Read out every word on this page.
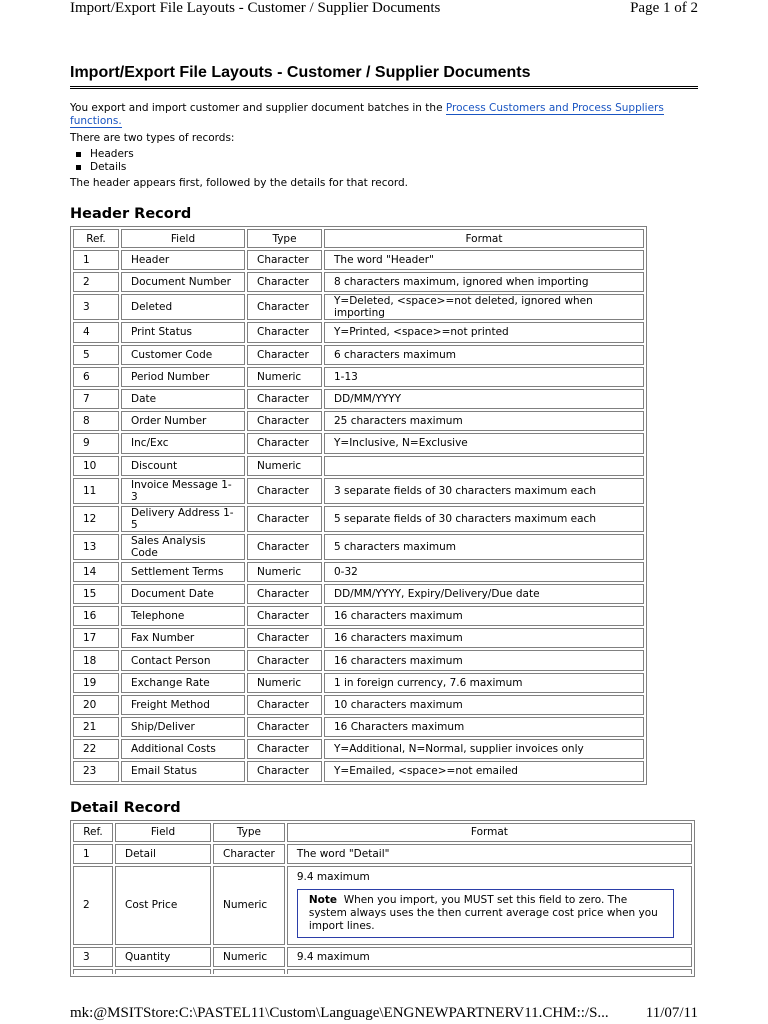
Import/Export File Layouts - Customer / Supplier Documents	Page 1 of 2
Import/Export File Layouts - Customer / Supplier Documents

You export and import customer and supplier document batches in the Process Customers and Process Suppliers functions.

There are two types of records:

Headers
Details

The header appears first, followed by the details for that record.

Header Record
Ref.	Field	Type	Format
1	Header	Character	The word "Header"
2	Document Number	Character	8 characters maximum, ignored when importing
3	Deleted	Character	Y=Deleted, <space>=not deleted, ignored when importing
4	Print Status	Character	Y=Printed, <space>=not printed
5	Customer Code	Character	6 characters maximum
6	Period Number	Numeric	1-13
7	Date	Character	DD/MM/YYYY
8	Order Number	Character	25 characters maximum
9	Inc/Exc	Character	Y=Inclusive, N=Exclusive
10	Discount	Numeric	
11	Invoice Message 1-3	Character	3 separate fields of 30 characters maximum each
12	Delivery Address 1-5	Character	5 separate fields of 30 characters maximum each
13	Sales Analysis Code	Character	5 characters maximum
14	Settlement Terms	Numeric	0-32
15	Document Date	Character	DD/MM/YYYY, Expiry/Delivery/Due date
16	Telephone	Character	16 characters maximum
17	Fax Number	Character	16 characters maximum
18	Contact Person	Character	16 characters maximum
19	Exchange Rate	Numeric	1 in foreign currency, 7.6 maximum
20	Freight Method	Character	10 characters maximum
21	Ship/Deliver	Character	16 Characters maximum
22	Additional Costs	Character	Y=Additional, N=Normal, supplier invoices only
23	Email Status	Character	Y=Emailed, <space>=not emailed
Detail Record
Ref.	Field	Type	Format
1	Detail	Character	The word "Detail"
2	Cost Price	Numeric	9.4 maximum
Note When you import, you MUST set this field to zero. The system always uses the then current average cost price when you import lines.

3	Quantity	Numeric	9.4 maximum

mk:@MSITStore:C:\PASTEL11\Custom\Language\ENGNEWPARTNERV11.CHM::/S... 11/07/11
